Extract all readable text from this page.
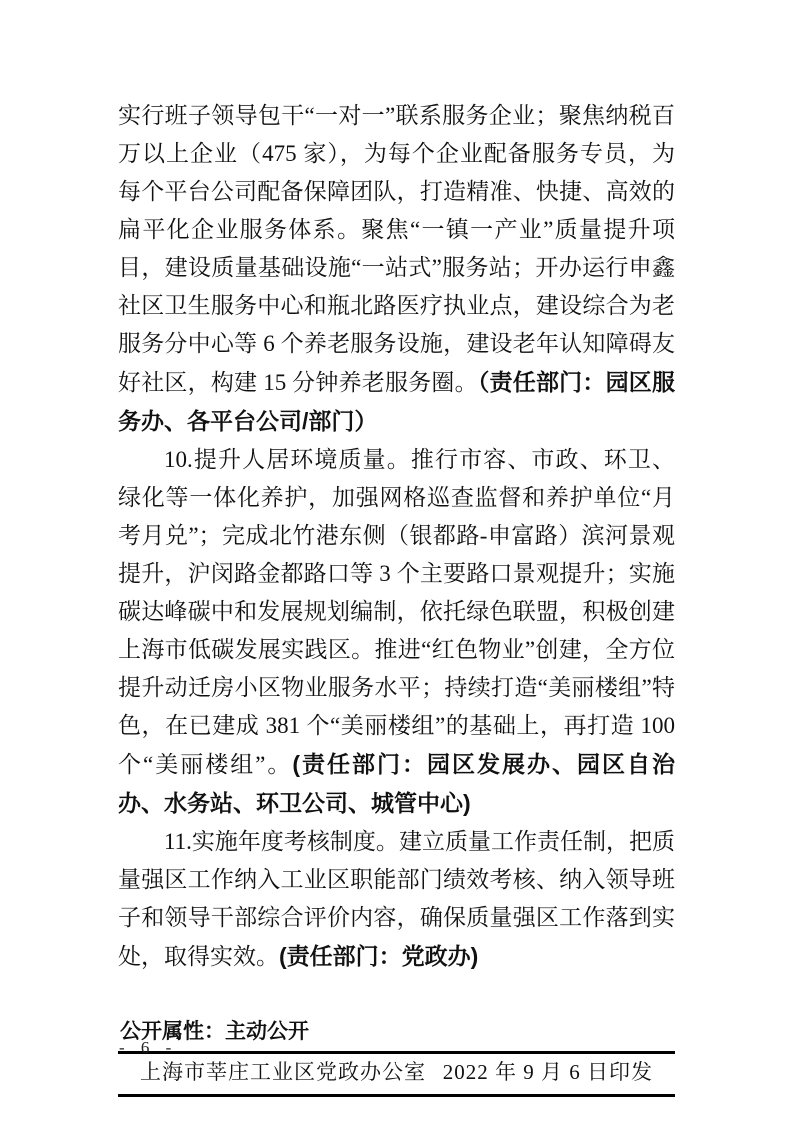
实行班子领导包干“一对一”联系服务企业；聚焦纳税百万以上企业（475 家），为每个企业配备服务专员，为每个平台公司配备保障团队，打造精准、快捷、高效的扁平化企业服务体系。聚焦“一镇一产业”质量提升项目，建设质量基础设施“一站式”服务站；开办运行申鑫社区卫生服务中心和瓶北路医疗执业点，建设综合为老服务分中心等 6 个养老服务设施，建设老年认知障碍友好社区，构建 15 分钟养老服务圈。（责任部门：园区服务办、各平台公司/部门）

10.提升人居环境质量。推行市容、市政、环卫、绿化等一体化养护，加强网格巡查监督和养护单位“月考月兑”；完成北竹港东侧（银都路-申富路）滨河景观提升，沪闵路金都路口等 3 个主要路口景观提升；实施碳达峰碳中和发展规划编制，依托绿色联盟，积极创建上海市低碳发展实践区。推进“红色物业”创建，全方位提升动迁房小区物业服务水平；持续打造“美丽楼组”特色，在已建成 381 个“美丽楼组”的基础上，再打造 100 个“美丽楼组”。(责任部门：园区发展办、园区自治办、水务站、环卫公司、城管中心)

11.实施年度考核制度。建立质量工作责任制，把质量强区工作纳入工业区职能部门绩效考核、纳入领导班子和领导干部综合评价内容，确保质量强区工作落到实处，取得实效。(责任部门：党政办)

公开属性：主动公开
上海市莘庄工业区党政办公室 2022 年 9 月 6 日印发
- 6 -
